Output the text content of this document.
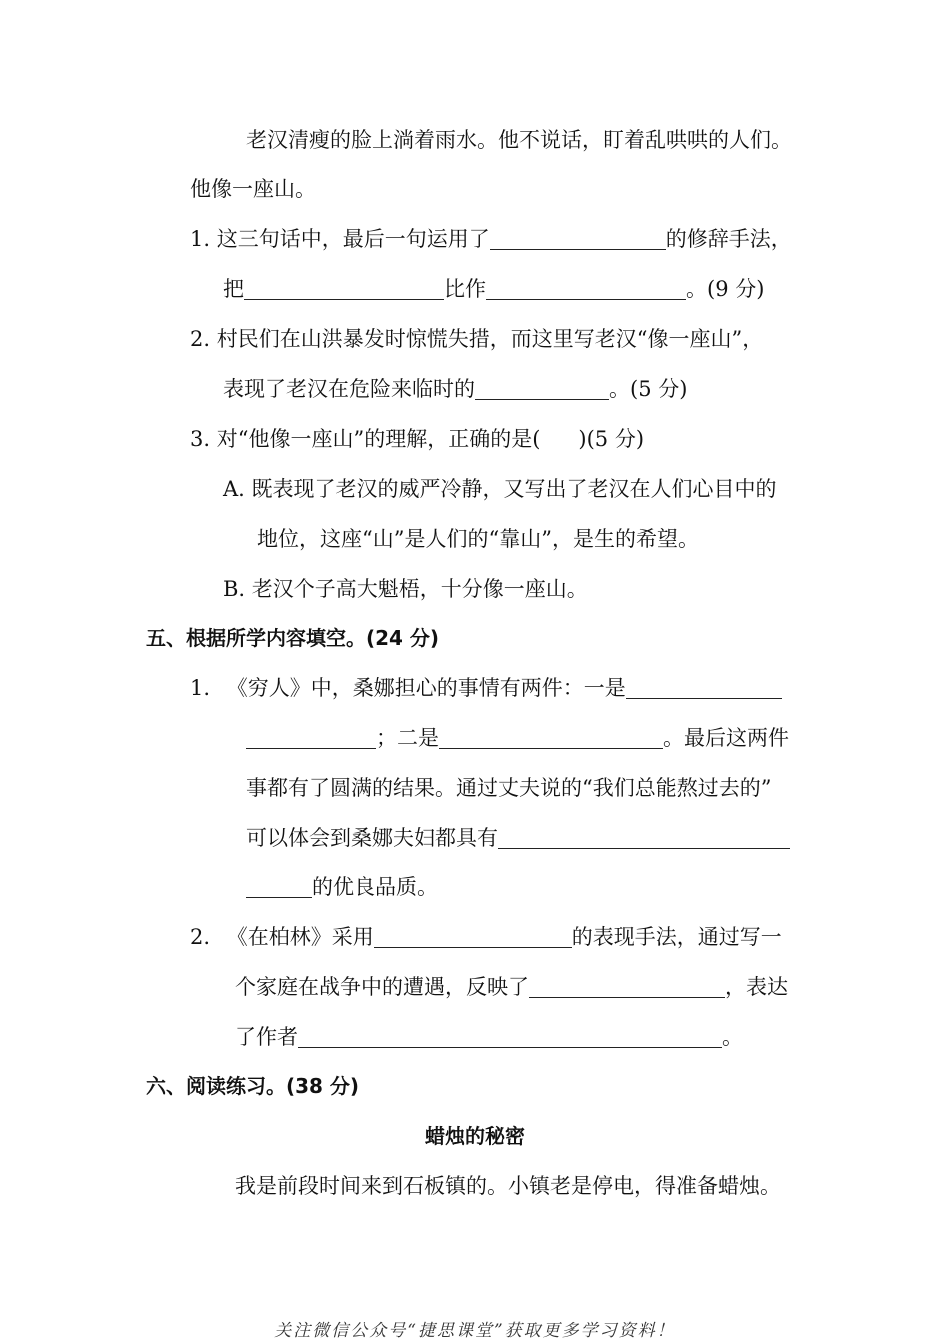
老汉清瘦的脸上淌着雨水。他不说话，盯着乱哄哄的人们。
他像一座山。
1. 这三句话中，最后一句运用了	的修辞手法，
把	比作	。(9 分)
2. 村民们在山洪暴发时惊慌失措，而这里写老汉“像一座山”，
表现了老汉在危险来临时的	。(5 分)
3. 对“他像一座山”的理解，正确的是( )(5 分)
A. 既表现了老汉的威严冷静，又写出了老汉在人们心目中的
地位，这座“山”是人们的“靠山”，是生的希望。
B. 老汉个子高大魁梧，十分像一座山。
五、根据所学内容填空。(24 分)
1. 《穷人》中，桑娜担心的事情有两件：一是
；二是	。最后这两件
事都有了圆满的结果。通过丈夫说的“我们总能熬过去的”
可以体会到桑娜夫妇都具有
的优良品质。
2. 《在柏林》采用	的表现手法，通过写一
个家庭在战争中的遭遇，反映了	，表达
了作者	。
六、阅读练习。(38 分)
蜡烛的秘密
我是前段时间来到石板镇的。小镇老是停电，得准备蜡烛。
关注微信公众号“捷思课堂”获取更多学习资料！
